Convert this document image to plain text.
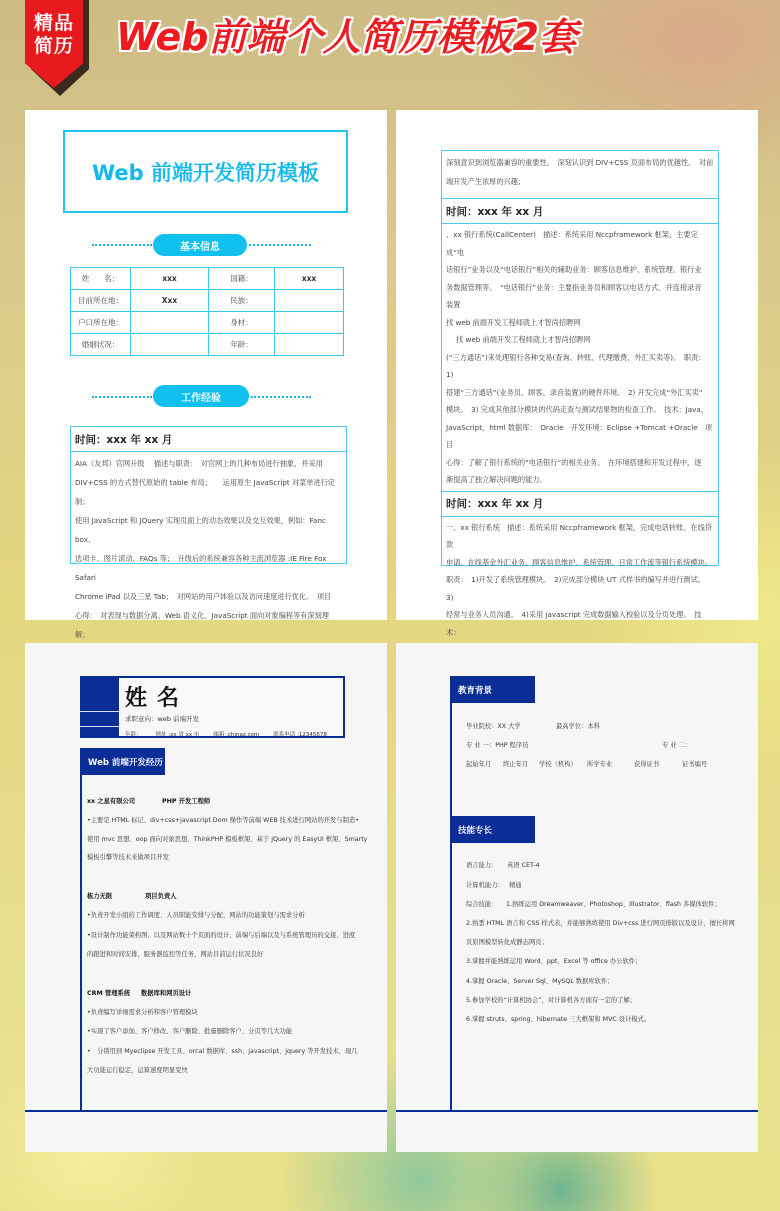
精品
简历 Web前端个人简历模板2套
Web 前端开发简历模板
基本信息
姓　　名：	xxx	国籍：	xxx
目前所在地：	Xxx	民族：	
户口所在地：		身材：	
婚姻状况：		年龄：	
工作经验
时间：xxx 年 xx 月

AIA（友邦）官网升级　 描述与职责：　对官网上的几种布局进行抽象，并采用

DIV+CSS 的方式替代原始的 table 布局；　　运用原生 JavaScript 对菜单进行定制；

使用 JavaScript 和 JQuery 实现页面上的动态效果以及交互效果，例如：Fanc box、

选项卡、图片滚动、FAQs 等；　升级后的系统兼容各种主流浏览器 :IE Fire Fox Safari

Chrome iPad 以及三星 Tab；　对网站的用户体验以及访问速度进行优化。　项目

心得：　对表现与数据分离、Web 语义化、JavaScript 面向对象编程等有深刻理解；

深刻意识到浏览器兼容的重要性。　深刻认识到 DIV+CSS 页面布局的优越性。　对前

端开发产生浓厚的兴趣；

时间：xxx 年 xx 月

、xx 银行系统(CallCenter)　描述：系统采用 Nccpframework 框架，主要完成“电

话银行”业务以及“电话银行”相关的辅助业务：顾客信息维护、系统管理、银行业

务数据管理等。　“电话银行”业务：主要指业务员和顾客以电话方式、并连接录音

装置

找 web 前端开发工程师就上才智尚招聘网

找 web 前端开发工程师就上才智尚招聘网

(“三方通话”)来处理银行各种交易(查询、转账、代理缴费、外汇买卖等)。　职责：　1)

搭建“三方通话”(业务员、顾客、录音装置)的硬件环境。　2) 开发完成“外汇买卖”

模块。　3) 完成其他部分模块的代码走查与测试结果物的检查工作。　技术：Java，

JavaScript，html 数据库：　Oracle　开发环境：Eclipse +Tomcat +Oracle　项目

心得：了解了银行系统的“电话银行”的相关业务。　在环境搭建和开发过程中，逐

渐提高了独立解决问题的能力。

时间：xxx 年 xx 月

一、xx 银行系统　描述：系统采用 Nccpframework 框架，完成电话转账、在线贷款

申请、在线基金外汇业务、顾客信息维护、系统管理、日常工作流等银行系统模块。

职责：　1)开发了系统管理模块。　2)完成部分模块 UT 式样书的编写并进行测试。 3)

经常与业务人员沟通。　4)采用 javascript 完成数据输入校验以及分页处理。　技术：

姓名
求职意向：web 前端开发
年龄：	地址 :xx 省 xx 市	邮箱 :chinaz.com	联系电话 :12345678
Web 前端开发经历
xx 之星有限公司	PHP 开发工程师
•主要是 HTML 标记、div+css+javascript Dom 操作等前端 WEB 技术进行网站的开发与制造•
使用 mvc 思想、oop 面向对象思想、ThinkPHP 模板框架、基于 jQuery 的 EasyUI 框架、Smarty
模板引擎等技术来做项目开发
栋力无限	项目负责人
•负责开发小组的工作调度、人员职能安排与分配、网站的功能策划与需求分析
•设计制作功能架构图、以及网站数十个页面的设计、前端与后端以及与系统管理员的交接、进度
的跟进和时间安排、服务器监控等任务，网站目前运行状况良好
CRM 管理系统 数据库和网页设计
•负责编写详细需求分析和客户管理模块
•实现了客户添加、客户修改、客户删除、批量删除客户、分页等几大功能
•　分别用到 Myeclipse 开发工具、orcal 数据库、ssh、javascript、jquery 等开发技术，现几
大功能运行稳定，运算速度明显变快
教育背景
毕业院校：XX 大学	最高学位：本科
专 业 一：PHP 程序员	专 业 二：
起始年月 终止年月 学校（机构） 所学专业	获得证书	证书编号
技能专长
语言能力： 英语 CET-4
计算机能力： 精通
综合技能： 1.熟练运用 Dreamweaver、Photoshop、Illustrator、flash 多媒体软件；
2.熟悉 HTML 语言和 CSS 样式表，并能够熟练使用 Div+css 进行网页排版以及设计，擅长将网
页原图模型转化成静态网页；
3.掌握并能熟练运用 Word、ppt、Excel 等 office 办公软件；
4.掌握 Oracle、Server Sql、MySQL 数据库软件；
5.参加学校的“计算机协会”，对计算机各方面有一定的了解；
6.掌握 struts、spring、hibernate 三大框架和 MVC 设计模式。
